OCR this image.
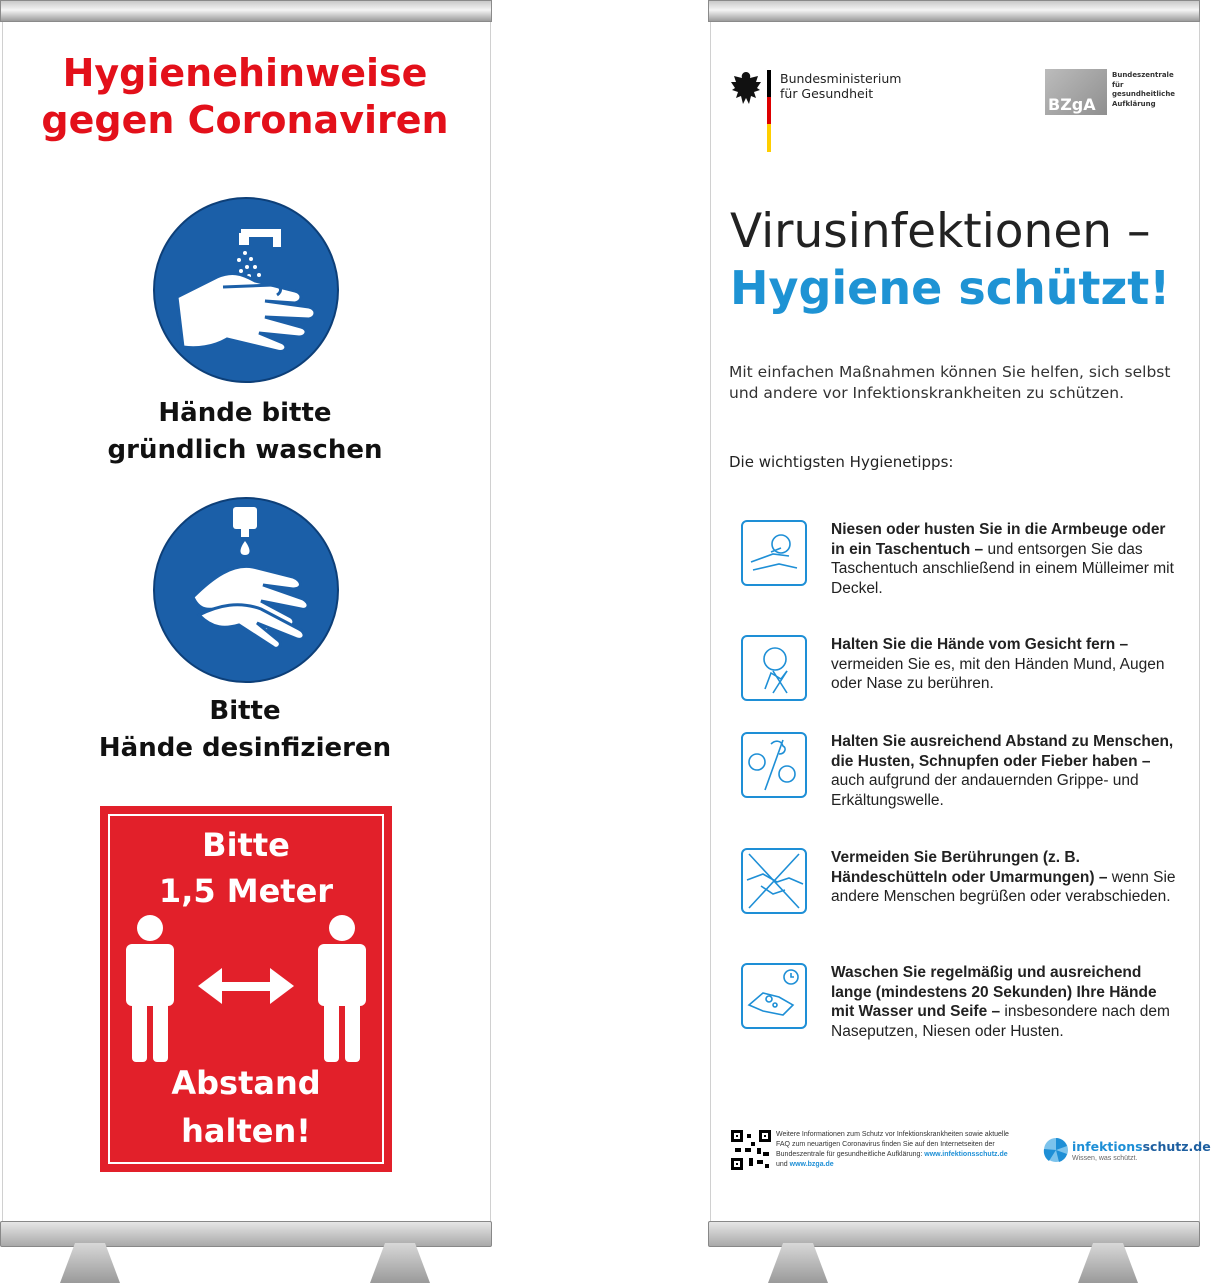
Hygienehinweise
gegen Coronaviren
Hände bitte
gründlich waschen
Bitte
Hände desinfizieren
Bitte
1,5 Meter
Abstand
halten!
Bundesministerium
für Gesundheit
BZgA
Bundeszentrale
für
gesundheitliche
Aufklärung
Virusinfektionen –
Hygiene schützt!
Mit einfachen Maßnahmen können Sie helfen, sich selbst und andere vor Infektionskrankheiten zu schützen.
Die wichtigsten Hygienetipps:
Niesen oder husten Sie in die Armbeuge oder in ein Taschentuch – und entsorgen Sie das Taschentuch anschließend in einem Mülleimer mit Deckel.
Halten Sie die Hände vom Gesicht fern – vermeiden Sie es, mit den Händen Mund, Augen oder Nase zu berühren.
Halten Sie ausreichend Abstand zu Menschen, die Husten, Schnupfen oder Fieber haben – auch aufgrund der andauernden Grippe- und Erkältungswelle.
Vermeiden Sie Berührungen (z. B. Händeschütteln oder Umarmungen) – wenn Sie andere Menschen begrüßen oder verabschieden.
Waschen Sie regelmäßig und ausreichend lange (mindestens 20 Sekunden) Ihre Hände mit Wasser und Seife – insbesondere nach dem Naseputzen, Niesen oder Husten.
Weitere Informationen zum Schutz vor Infektionskrankheiten sowie aktuelle FAQ zum neuartigen Coronavirus finden Sie auf den Internetseiten der Bundeszentrale für gesundheitliche Aufklärung: www.infektionsschutz.de und www.bzga.de
infektionsschutz.de
Wissen, was schützt.
